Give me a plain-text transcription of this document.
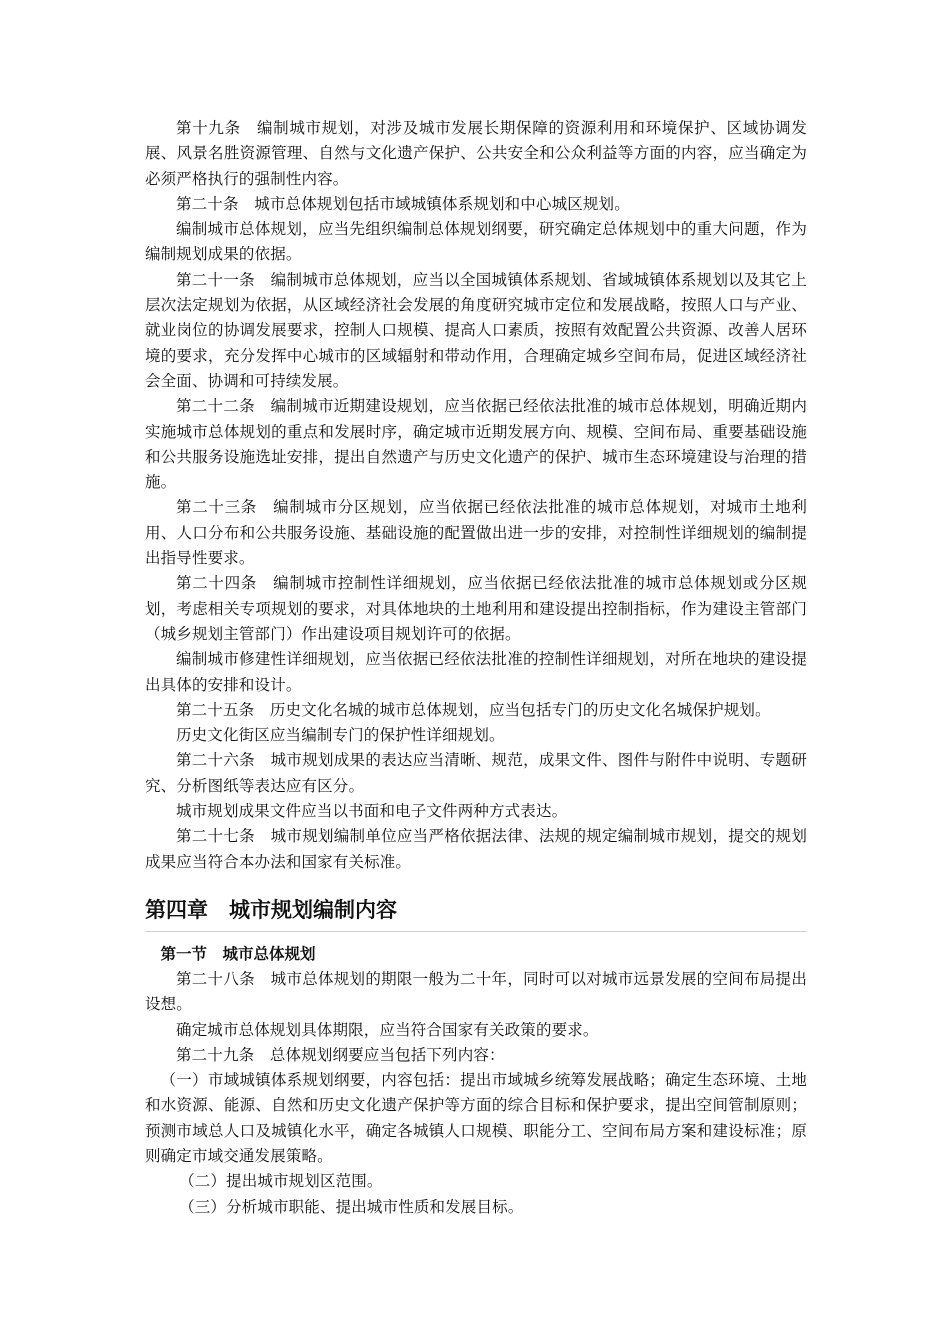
第十九条　编制城市规划，对涉及城市发展长期保障的资源利用和环境保护、区域协调发展、风景名胜资源管理、自然与文化遗产保护、公共安全和公众利益等方面的内容，应当确定为必须严格执行的强制性内容。

第二十条　城市总体规划包括市域城镇体系规划和中心城区规划。

编制城市总体规划，应当先组织编制总体规划纲要，研究确定总体规划中的重大问题，作为编制规划成果的依据。

第二十一条　编制城市总体规划，应当以全国城镇体系规划、省域城镇体系规划以及其它上层次法定规划为依据，从区域经济社会发展的角度研究城市定位和发展战略，按照人口与产业、就业岗位的协调发展要求，控制人口规模、提高人口素质，按照有效配置公共资源、改善人居环境的要求，充分发挥中心城市的区域辐射和带动作用，合理确定城乡空间布局，促进区域经济社会全面、协调和可持续发展。

第二十二条　编制城市近期建设规划，应当依据已经依法批准的城市总体规划，明确近期内实施城市总体规划的重点和发展时序，确定城市近期发展方向、规模、空间布局、重要基础设施和公共服务设施选址安排，提出自然遗产与历史文化遗产的保护、城市生态环境建设与治理的措施。

第二十三条　编制城市分区规划，应当依据已经依法批准的城市总体规划，对城市土地利用、人口分布和公共服务设施、基础设施的配置做出进一步的安排，对控制性详细规划的编制提出指导性要求。

第二十四条　编制城市控制性详细规划，应当依据已经依法批准的城市总体规划或分区规划，考虑相关专项规划的要求，对具体地块的土地利用和建设提出控制指标，作为建设主管部门（城乡规划主管部门）作出建设项目规划许可的依据。

编制城市修建性详细规划，应当依据已经依法批准的控制性详细规划，对所在地块的建设提出具体的安排和设计。

第二十五条　历史文化名城的城市总体规划，应当包括专门的历史文化名城保护规划。

历史文化街区应当编制专门的保护性详细规划。

第二十六条　城市规划成果的表达应当清晰、规范，成果文件、图件与附件中说明、专题研究、分析图纸等表达应有区分。

城市规划成果文件应当以书面和电子文件两种方式表达。

第二十七条　城市规划编制单位应当严格依据法律、法规的规定编制城市规划，提交的规划成果应当符合本办法和国家有关标准。

第四章　城市规划编制内容
第一节　城市总体规划

第二十八条　城市总体规划的期限一般为二十年，同时可以对城市远景发展的空间布局提出设想。

确定城市总体规划具体期限，应当符合国家有关政策的要求。

第二十九条　总体规划纲要应当包括下列内容：

（一）市域城镇体系规划纲要，内容包括：提出市域城乡统筹发展战略；确定生态环境、土地和水资源、能源、自然和历史文化遗产保护等方面的综合目标和保护要求，提出空间管制原则；预测市域总人口及城镇化水平，确定各城镇人口规模、职能分工、空间布局方案和建设标准；原则确定市域交通发展策略。

（二）提出城市规划区范围。

（三）分析城市职能、提出城市性质和发展目标。
